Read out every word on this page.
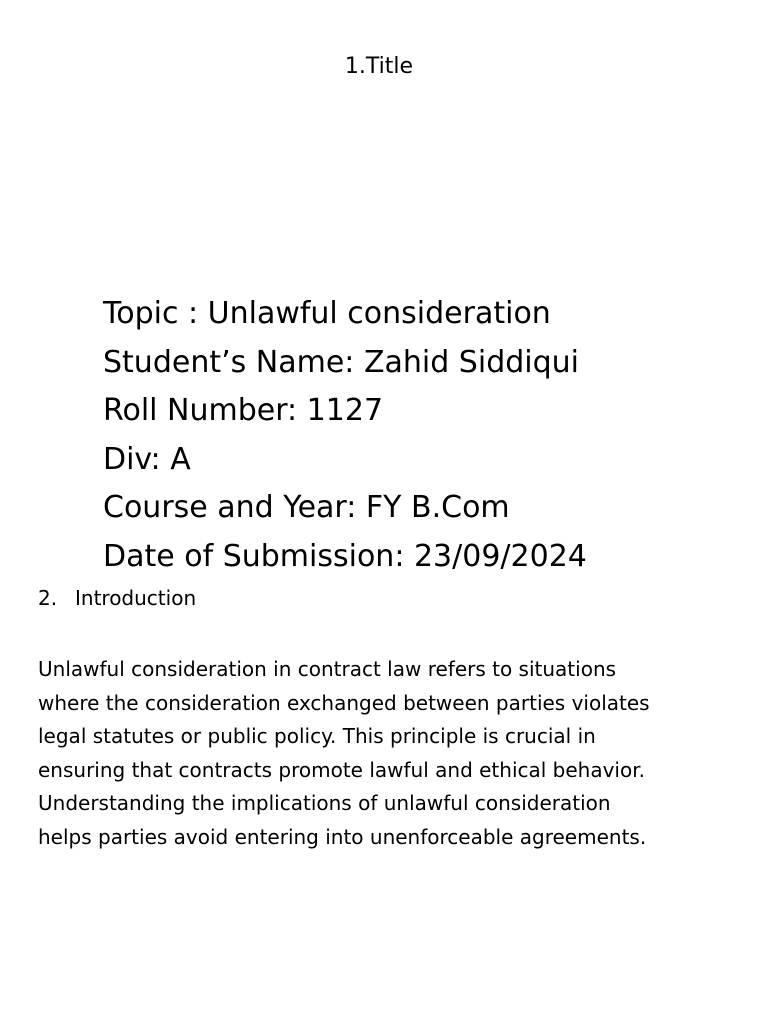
1.Title
Topic : Unlawful consideration
Student’s Name: Zahid Siddiqui
Roll Number: 1127
Div: A
Course and Year: FY B.Com
Date of Submission: 23/09/2024
2. Introduction

Unlawful consideration in contract law refers to situations
where the consideration exchanged between parties violates
legal statutes or public policy. This principle is crucial in
ensuring that contracts promote lawful and ethical behavior.
Understanding the implications of unlawful consideration
helps parties avoid entering into unenforceable agreements.
